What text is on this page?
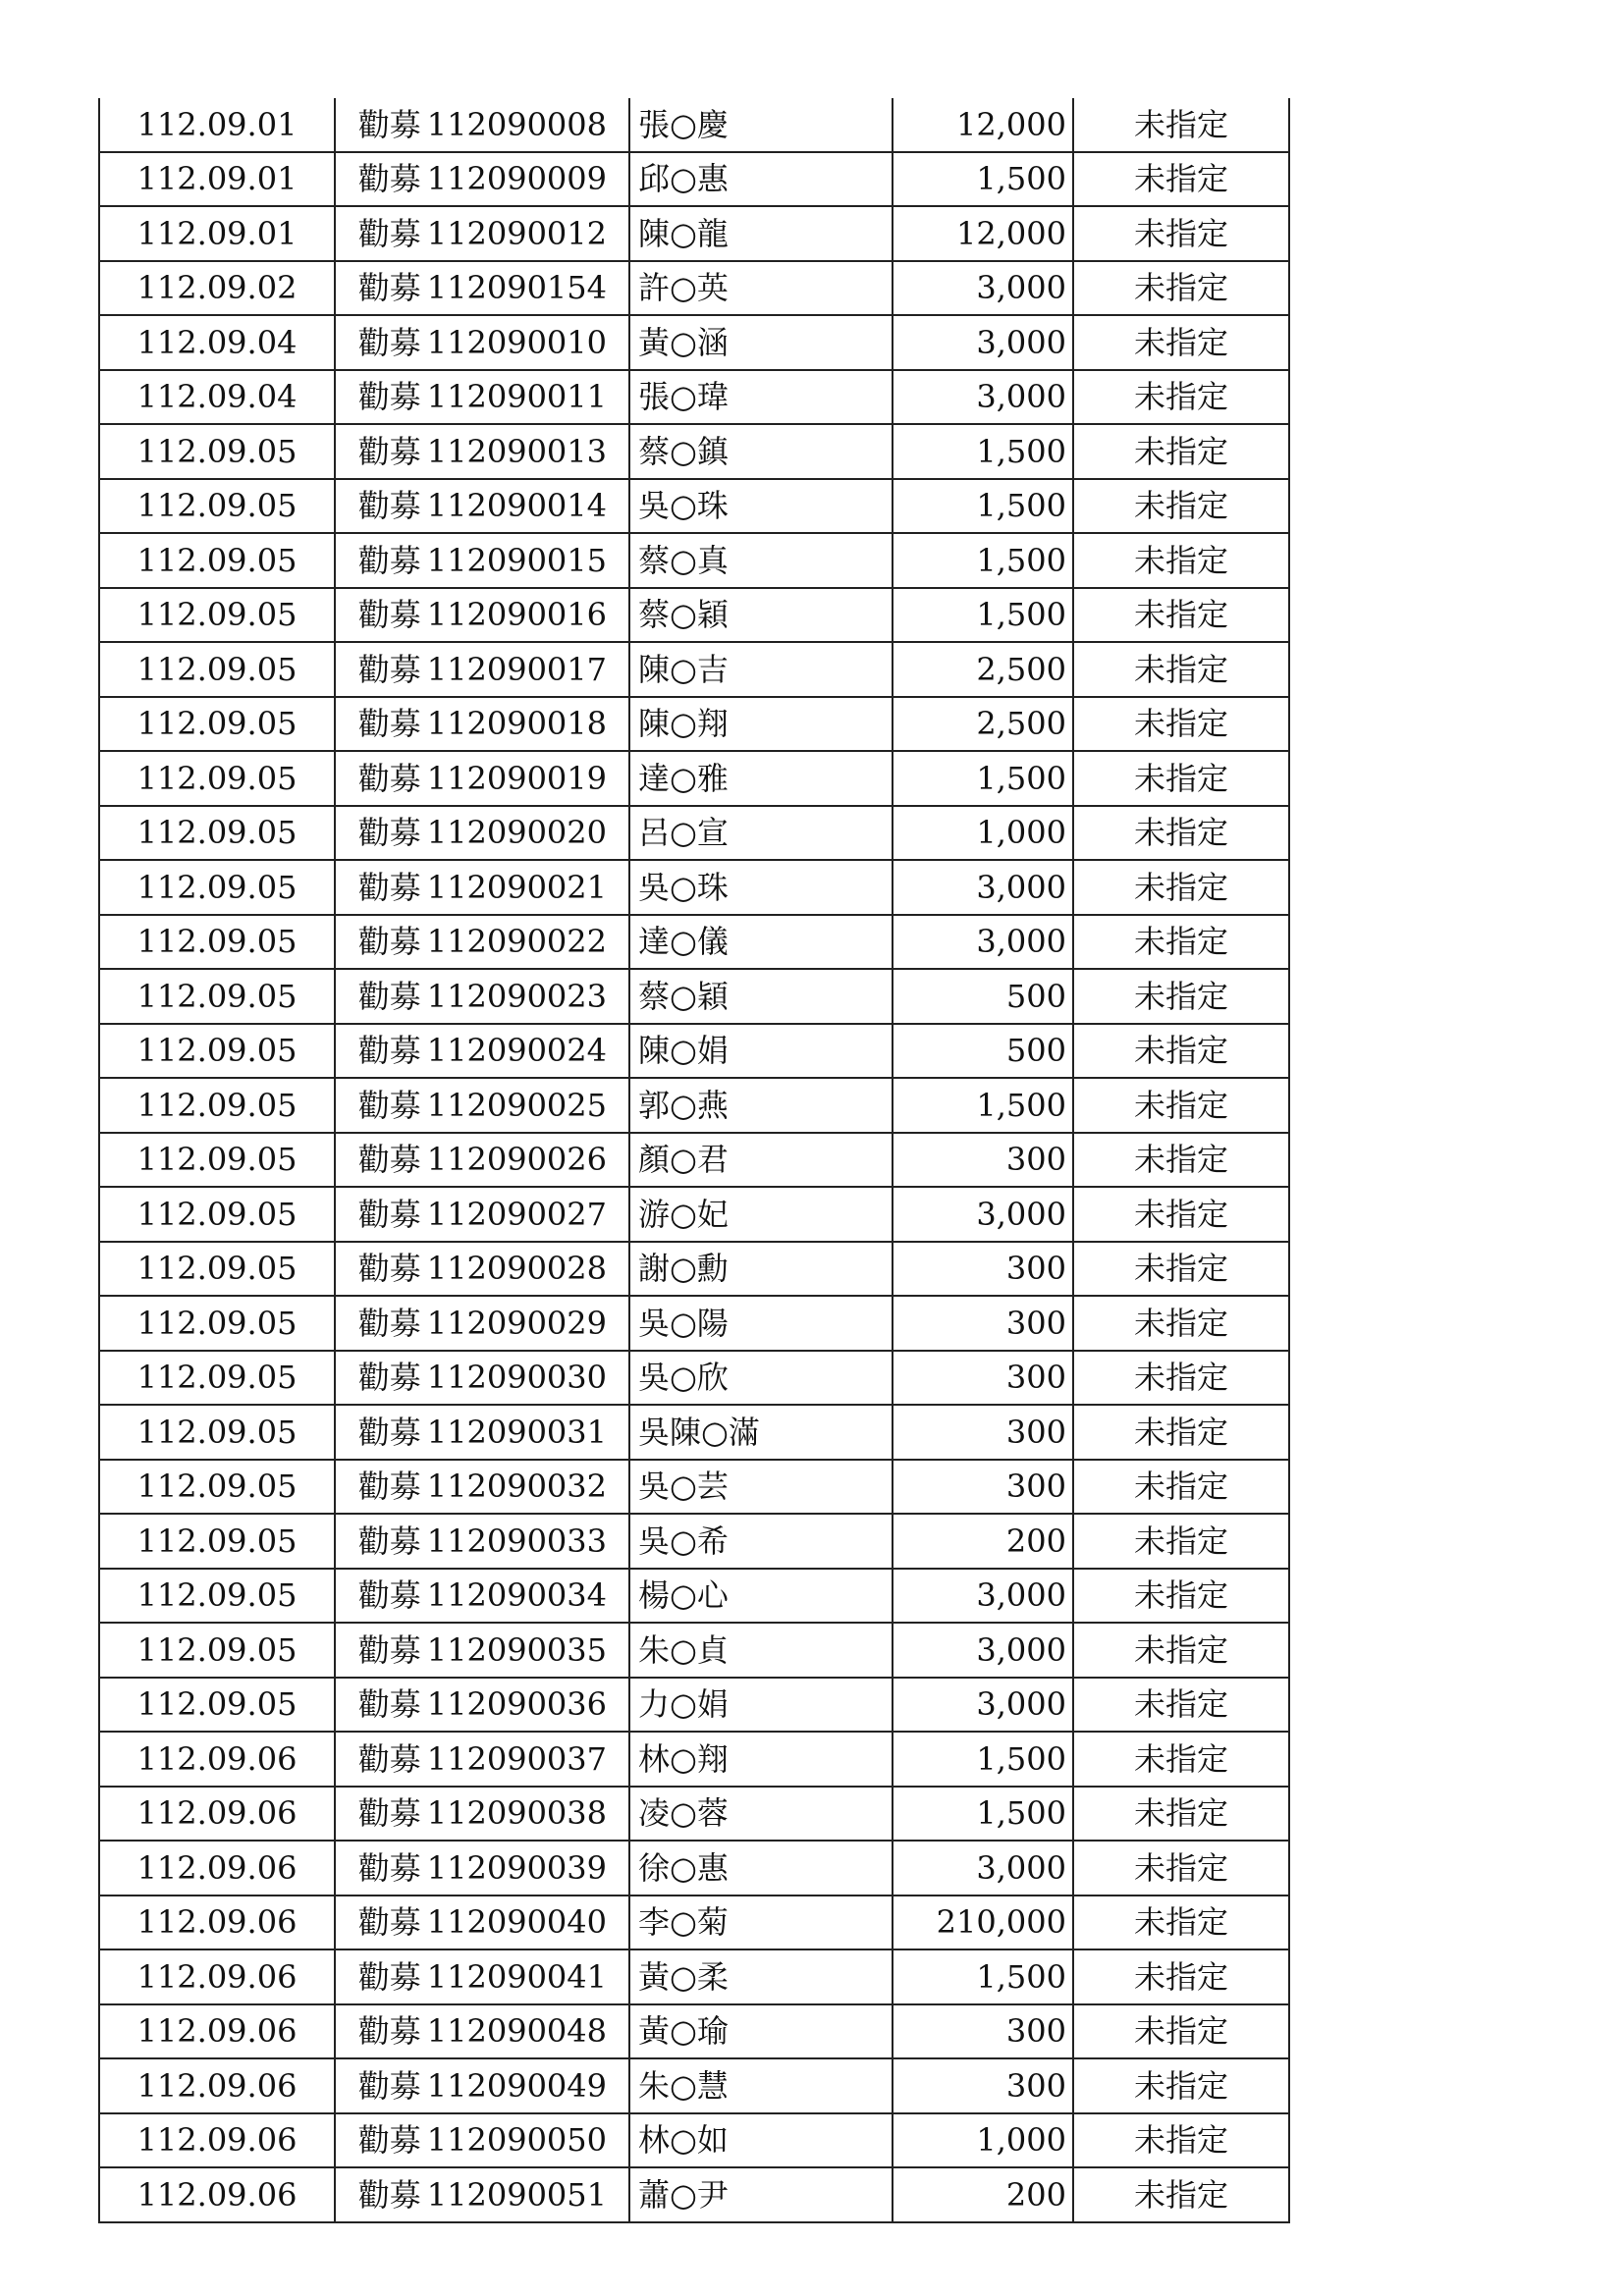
112.09.01	勸募 112090008	張○慶	12,000	未指定
112.09.01	勸募 112090009	邱○惠	1,500	未指定
112.09.01	勸募 112090012	陳○龍	12,000	未指定
112.09.02	勸募 112090154	許○英	3,000	未指定
112.09.04	勸募 112090010	黃○涵	3,000	未指定
112.09.04	勸募 112090011	張○瑋	3,000	未指定
112.09.05	勸募 112090013	蔡○鎮	1,500	未指定
112.09.05	勸募 112090014	吳○珠	1,500	未指定
112.09.05	勸募 112090015	蔡○真	1,500	未指定
112.09.05	勸募 112090016	蔡○穎	1,500	未指定
112.09.05	勸募 112090017	陳○吉	2,500	未指定
112.09.05	勸募 112090018	陳○翔	2,500	未指定
112.09.05	勸募 112090019	達○雅	1,500	未指定
112.09.05	勸募 112090020	呂○宣	1,000	未指定
112.09.05	勸募 112090021	吳○珠	3,000	未指定
112.09.05	勸募 112090022	達○儀	3,000	未指定
112.09.05	勸募 112090023	蔡○穎	500	未指定
112.09.05	勸募 112090024	陳○娟	500	未指定
112.09.05	勸募 112090025	郭○燕	1,500	未指定
112.09.05	勸募 112090026	顏○君	300	未指定
112.09.05	勸募 112090027	游○妃	3,000	未指定
112.09.05	勸募 112090028	謝○勳	300	未指定
112.09.05	勸募 112090029	吳○陽	300	未指定
112.09.05	勸募 112090030	吳○欣	300	未指定
112.09.05	勸募 112090031	吳陳○滿	300	未指定
112.09.05	勸募 112090032	吳○芸	300	未指定
112.09.05	勸募 112090033	吳○希	200	未指定
112.09.05	勸募 112090034	楊○心	3,000	未指定
112.09.05	勸募 112090035	朱○貞	3,000	未指定
112.09.05	勸募 112090036	力○娟	3,000	未指定
112.09.06	勸募 112090037	林○翔	1,500	未指定
112.09.06	勸募 112090038	凌○蓉	1,500	未指定
112.09.06	勸募 112090039	徐○惠	3,000	未指定
112.09.06	勸募 112090040	李○菊	210,000	未指定
112.09.06	勸募 112090041	黃○柔	1,500	未指定
112.09.06	勸募 112090048	黃○瑜	300	未指定
112.09.06	勸募 112090049	朱○慧	300	未指定
112.09.06	勸募 112090050	林○如	1,000	未指定
112.09.06	勸募 112090051	蕭○尹	200	未指定
